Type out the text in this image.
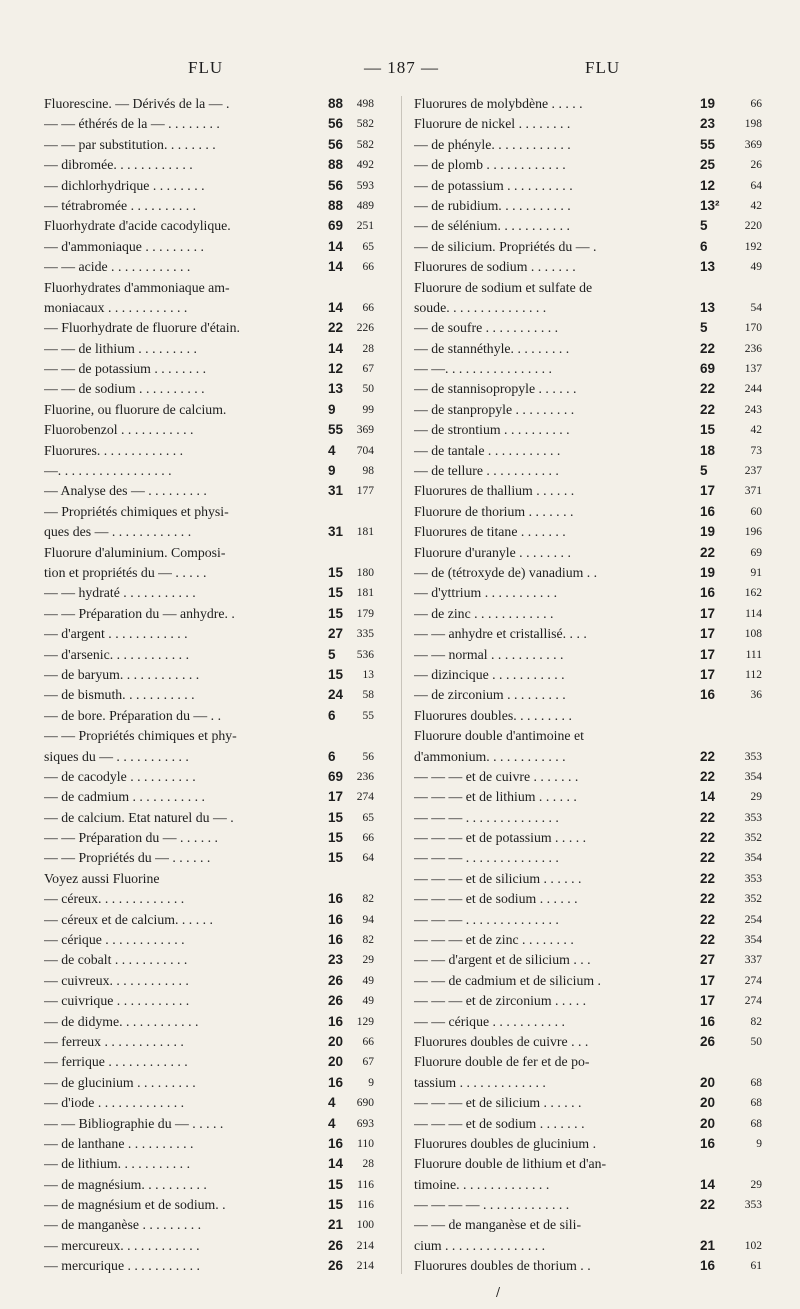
FLU	— 187 —	FLU
Fluorescine. — Dérivés de la — .	88	498
— — éthérés de la — . . . . . . . .	56	582
— — par substitution. . . . . . . .	56	582
— dibromée. . . . . . . . . . . .	88	492
— dichlorhydrique . . . . . . . .	56	593
— tétrabromée . . . . . . . . . .	88	489
Fluorhydrate d'acide cacodylique.	69	251
— d'ammoniaque . . . . . . . . .	14	65
— — acide . . . . . . . . . . . .	14	66
Fluorhydrates d'ammoniaque am-
moniacaux . . . . . . . . . . . .	14	66
— Fluorhydrate de fluorure d'étain.	22	226
— — de lithium . . . . . . . . .	14	28
— — de potassium . . . . . . . .	12	67
— — de sodium . . . . . . . . . .	13	50
Fluorine, ou fluorure de calcium.	9	99
Fluorobenzol . . . . . . . . . . .	55	369
Fluorures. . . . . . . . . . . . .	4	704
—. . . . . . . . . . . . . . . . .	9	98
— Analyse des — . . . . . . . . .	31	177
— Propriétés chimiques et physi-
ques des — . . . . . . . . . . . .	31	181
Fluorure d'aluminium. Composi-
tion et propriétés du — . . . . .	15	180
— — hydraté . . . . . . . . . . .	15	181
— — Préparation du — anhydre. .	15	179
— d'argent . . . . . . . . . . . .	27	335
— d'arsenic. . . . . . . . . . . .	5	536
— de baryum. . . . . . . . . . . .	15	13
— de bismuth. . . . . . . . . . .	24	58
— de bore. Préparation du — . .	6	55
— — Propriétés chimiques et phy-
siques du — . . . . . . . . . . .	6	56
— de cacodyle . . . . . . . . . .	69	236
— de cadmium . . . . . . . . . . .	17	274
— de calcium. Etat naturel du — .	15	65
— — Préparation du — . . . . . .	15	66
— — Propriétés du — . . . . . .	15	64
Voyez aussi Fluorine
— céreux. . . . . . . . . . . . .	16	82
— céreux et de calcium. . . . . .	16	94
— cérique . . . . . . . . . . . .	16	82
— de cobalt . . . . . . . . . . .	23	29
— cuivreux. . . . . . . . . . . .	26	49
— cuivrique . . . . . . . . . . .	26	49
— de didyme. . . . . . . . . . . .	16	129
— ferreux . . . . . . . . . . . .	20	66
— ferrique . . . . . . . . . . . .	20	67
— de glucinium . . . . . . . . .	16	9
— d'iode . . . . . . . . . . . . .	4	690
— — Bibliographie du — . . . . .	4	693
— de lanthane . . . . . . . . . .	16	110
— de lithium. . . . . . . . . . .	14	28
— de magnésium. . . . . . . . . .	15	116
— de magnésium et de sodium. .	15	116
— de manganèse . . . . . . . . .	21	100
— mercureux. . . . . . . . . . . .	26	214
— mercurique . . . . . . . . . . .	26	214
Fluorures de molybdène . . . . .	19	66
Fluorure de nickel . . . . . . . .	23	198
— de phényle. . . . . . . . . . . .	55	369
— de plomb . . . . . . . . . . . .	25	26
— de potassium . . . . . . . . . .	12	64
— de rubidium. . . . . . . . . . .	13²	42
— de sélénium. . . . . . . . . . .	5	220
— de silicium. Propriétés du — .	6	192
Fluorures de sodium . . . . . . .	13	49
Fluorure de sodium et sulfate de
soude. . . . . . . . . . . . . . .	13	54
— de soufre . . . . . . . . . . .	5	170
— de stannéthyle. . . . . . . . .	22	236
— —. . . . . . . . . . . . . . . .	69	137
— de stannisopropyle . . . . . .	22	244
— de stanpropyle . . . . . . . . .	22	243
— de strontium . . . . . . . . . .	15	42
— de tantale . . . . . . . . . . .	18	73
— de tellure . . . . . . . . . . .	5	237
Fluorures de thallium . . . . . .	17	371
Fluorure de thorium . . . . . . .	16	60
Fluorures de titane . . . . . . .	19	196
Fluorure d'uranyle . . . . . . . .	22	69
— de (tétroxyde de) vanadium . .	19	91
— d'yttrium . . . . . . . . . . .	16	162
— de zinc . . . . . . . . . . . .	17	114
— — anhydre et cristallisé. . . .	17	108
— — normal . . . . . . . . . . .	17	111
— dizincique . . . . . . . . . . .	17	112
— de zirconium . . . . . . . . .	16	36
Fluorures doubles. . . . . . . . .
Fluorure double d'antimoine et
d'ammonium. . . . . . . . . . . .	22	353
— — — et de cuivre . . . . . . .	22	354
— — — et de lithium . . . . . .	14	29
— — — . . . . . . . . . . . . . .	22	353
— — — et de potassium . . . . .	22	352
— — — . . . . . . . . . . . . . .	22	354
— — — et de silicium . . . . . .	22	353
— — — et de sodium . . . . . .	22	352
— — — . . . . . . . . . . . . . .	22	254
— — — et de zinc . . . . . . . .	22	354
— — d'argent et de silicium . . .	27	337
— — de cadmium et de silicium .	17	274
— — — et de zirconium . . . . .	17	274
— — cérique . . . . . . . . . . .	16	82
Fluorures doubles de cuivre . . .	26	50
Fluorure double de fer et de po-
tassium . . . . . . . . . . . . .	20	68
— — — et de silicium . . . . . .	20	68
— — — et de sodium . . . . . . .	20	68
Fluorures doubles de glucinium .	16	9
Fluorure double de lithium et d'an-
timoine. . . . . . . . . . . . . .	14	29
— — — — . . . . . . . . . . . . .	22	353
— — de manganèse et de sili-
cium . . . . . . . . . . . . . . .	21	102
Fluorures doubles de thorium . .	16	61
/
